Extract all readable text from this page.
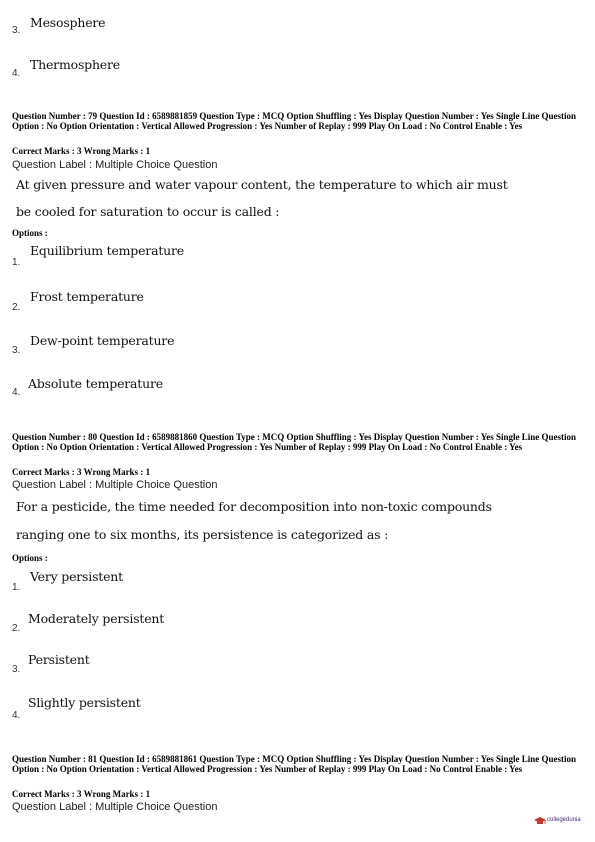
3.
Mesosphere
4.
Thermosphere
Question Number : 79 Question Id : 6589881859 Question Type : MCQ Option Shuffling : Yes Display Question Number : Yes Single Line Question Option : No Option Orientation : Vertical Allowed Progression : Yes Number of Replay : 999 Play On Load : No Control Enable : Yes
Correct Marks : 3 Wrong Marks : 1
Question Label : Multiple Choice Question
At given pressure and water vapour content, the temperature to which air must
be cooled for saturation to occur is called :
Options :
1.
Equilibrium temperature
2.
Frost temperature
3.
Dew-point temperature
4.
Absolute temperature
Question Number : 80 Question Id : 6589881860 Question Type : MCQ Option Shuffling : Yes Display Question Number : Yes Single Line Question Option : No Option Orientation : Vertical Allowed Progression : Yes Number of Replay : 999 Play On Load : No Control Enable : Yes
Correct Marks : 3 Wrong Marks : 1
Question Label : Multiple Choice Question
For a pesticide, the time needed for decomposition into non-toxic compounds
ranging one to six months, its persistence is categorized as :
Options :
1.
Very persistent
2.
Moderately persistent
3.
Persistent
4.
Slightly persistent
Question Number : 81 Question Id : 6589881861 Question Type : MCQ Option Shuffling : Yes Display Question Number : Yes Single Line Question Option : No Option Orientation : Vertical Allowed Progression : Yes Number of Replay : 999 Play On Load : No Control Enable : Yes
Correct Marks : 3 Wrong Marks : 1
Question Label : Multiple Choice Question
collegedunia
